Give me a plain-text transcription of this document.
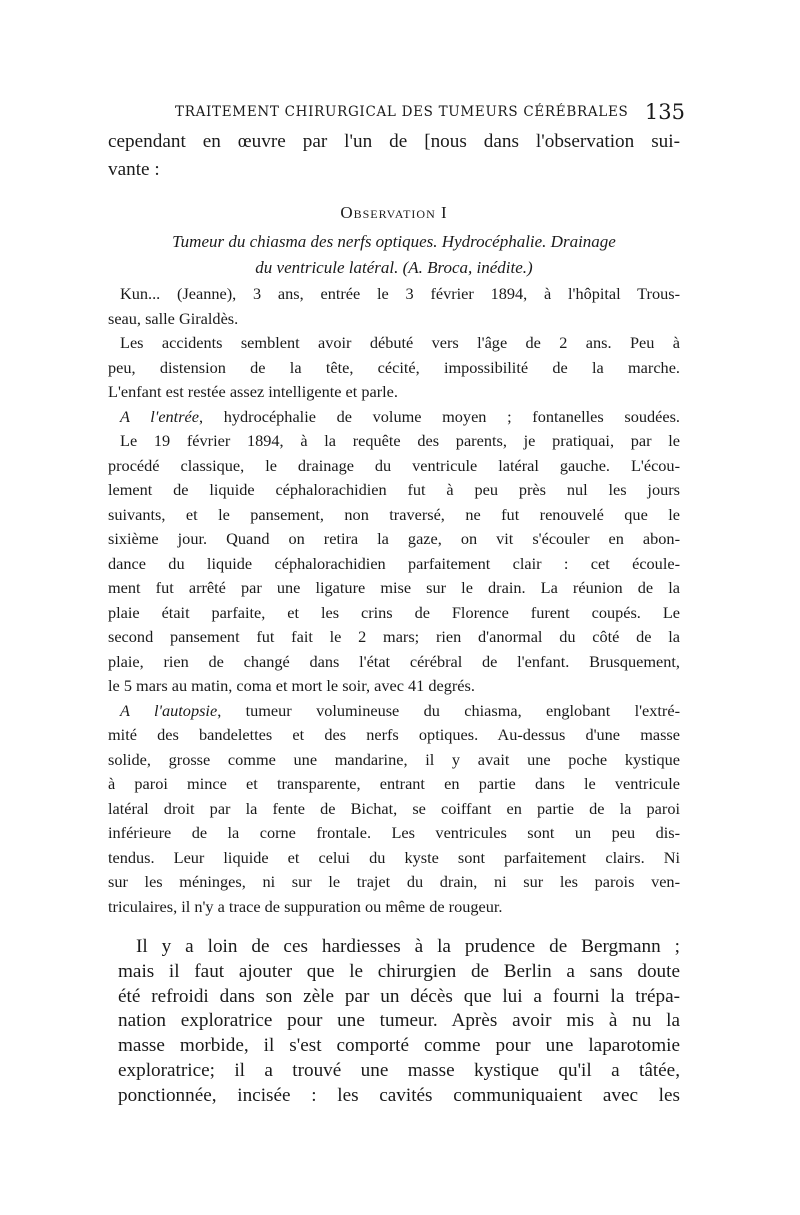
TRAITEMENT CHIRURGICAL DES TUMEURS CÉRÉBRALES 135
cependant en œuvre par l'un de [nous dans l'observation sui-
vante :
Observation I
Tumeur du chiasma des nerfs optiques. Hydrocéphalie. Drainage
du ventricule latéral. (A. Broca, inédite.)
Kun... (Jeanne), 3 ans, entrée le 3 février 1894, à l'hôpital Trous-
seau, salle Giraldès.
Les accidents semblent avoir débuté vers l'âge de 2 ans. Peu à
peu, distension de la tête, cécité, impossibilité de la marche.
L'enfant est restée assez intelligente et parle.
A l'entrée, hydrocéphalie de volume moyen ; fontanelles soudées.
Le 19 février 1894, à la requête des parents, je pratiquai, par le
procédé classique, le drainage du ventricule latéral gauche. L'écou-
lement de liquide céphalorachidien fut à peu près nul les jours
suivants, et le pansement, non traversé, ne fut renouvelé que le
sixième jour. Quand on retira la gaze, on vit s'écouler en abon-
dance du liquide céphalorachidien parfaitement clair : cet écoule-
ment fut arrêté par une ligature mise sur le drain. La réunion de la
plaie était parfaite, et les crins de Florence furent coupés. Le
second pansement fut fait le 2 mars; rien d'anormal du côté de la
plaie, rien de changé dans l'état cérébral de l'enfant. Brusquement,
le 5 mars au matin, coma et mort le soir, avec 41 degrés.
A l'autopsie, tumeur volumineuse du chiasma, englobant l'extré-
mité des bandelettes et des nerfs optiques. Au-dessus d'une masse
solide, grosse comme une mandarine, il y avait une poche kystique
à paroi mince et transparente, entrant en partie dans le ventricule
latéral droit par la fente de Bichat, se coiffant en partie de la paroi
inférieure de la corne frontale. Les ventricules sont un peu dis-
tendus. Leur liquide et celui du kyste sont parfaitement clairs. Ni
sur les méninges, ni sur le trajet du drain, ni sur les parois ven-
triculaires, il n'y a trace de suppuration ou même de rougeur.
Il y a loin de ces hardiesses à la prudence de Bergmann ;
mais il faut ajouter que le chirurgien de Berlin a sans doute
été refroidi dans son zèle par un décès que lui a fourni la trépa-
nation exploratrice pour une tumeur. Après avoir mis à nu la
masse morbide, il s'est comporté comme pour une laparotomie
exploratrice; il a trouvé une masse kystique qu'il a tâtée,
ponctionnée, incisée : les cavités communiquaient avec les
